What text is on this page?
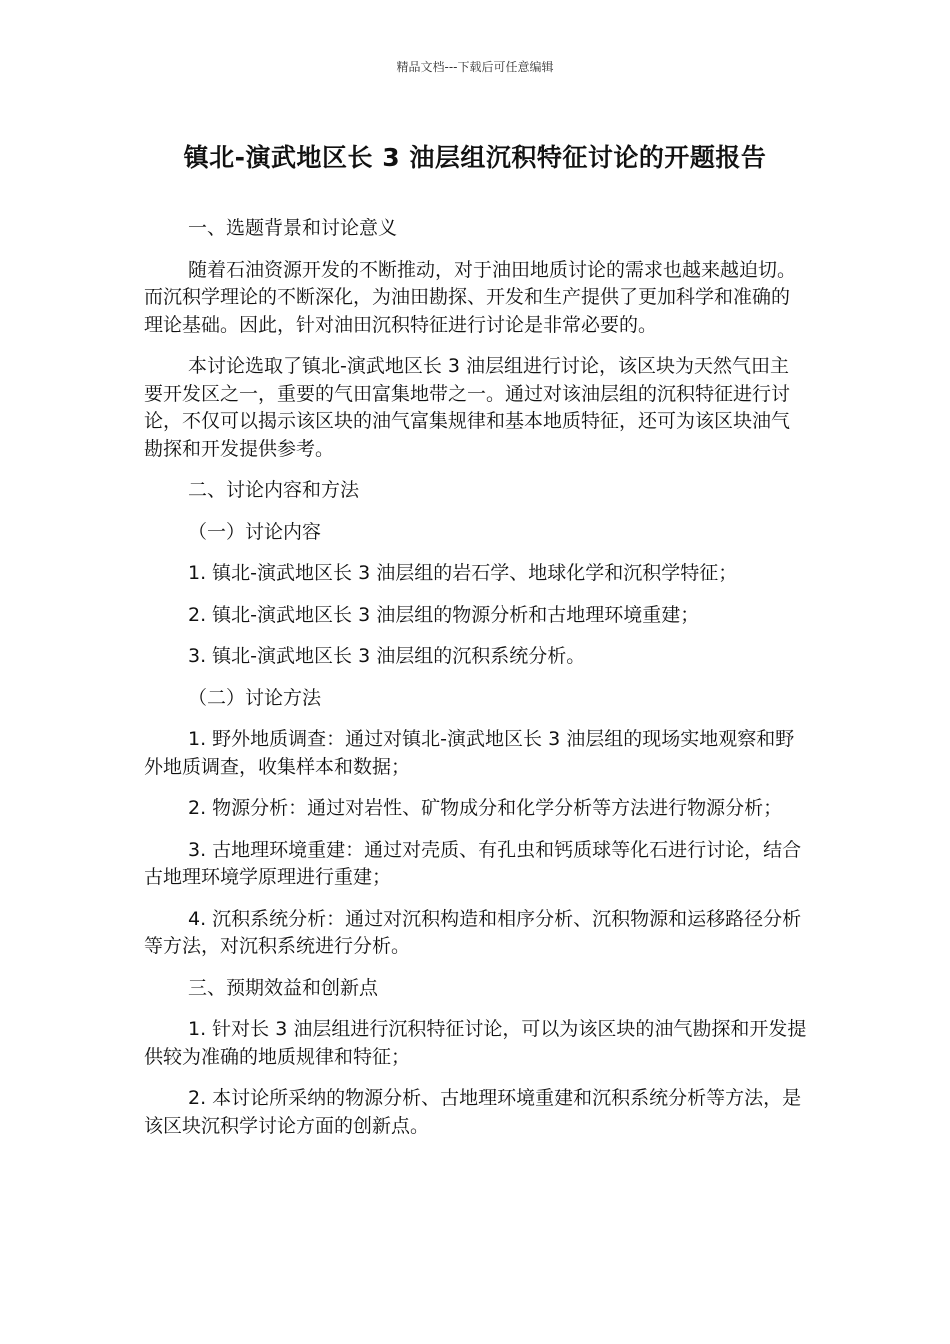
精品文档---下载后可任意编辑
镇北-演武地区长 3 油层组沉积特征讨论的开题报告

一、选题背景和讨论意义

随着石油资源开发的不断推动，对于油田地质讨论的需求也越来越迫切。而沉积学理论的不断深化，为油田勘探、开发和生产提供了更加科学和准确的理论基础。因此，针对油田沉积特征进行讨论是非常必要的。

本讨论选取了镇北-演武地区长 3 油层组进行讨论，该区块为天然气田主要开发区之一，重要的气田富集地带之一。通过对该油层组的沉积特征进行讨论，不仅可以揭示该区块的油气富集规律和基本地质特征，还可为该区块油气勘探和开发提供参考。

二、讨论内容和方法

（一）讨论内容

1. 镇北-演武地区长 3 油层组的岩石学、地球化学和沉积学特征；

2. 镇北-演武地区长 3 油层组的物源分析和古地理环境重建；

3. 镇北-演武地区长 3 油层组的沉积系统分析。

（二）讨论方法

1. 野外地质调查：通过对镇北-演武地区长 3 油层组的现场实地观察和野外地质调查，收集样本和数据；

2. 物源分析：通过对岩性、矿物成分和化学分析等方法进行物源分析；

3. 古地理环境重建：通过对壳质、有孔虫和钙质球等化石进行讨论，结合古地理环境学原理进行重建；

4. 沉积系统分析：通过对沉积构造和相序分析、沉积物源和运移路径分析等方法，对沉积系统进行分析。

三、预期效益和创新点

1. 针对长 3 油层组进行沉积特征讨论，可以为该区块的油气勘探和开发提供较为准确的地质规律和特征；

2. 本讨论所采纳的物源分析、古地理环境重建和沉积系统分析等方法，是该区块沉积学讨论方面的创新点。
